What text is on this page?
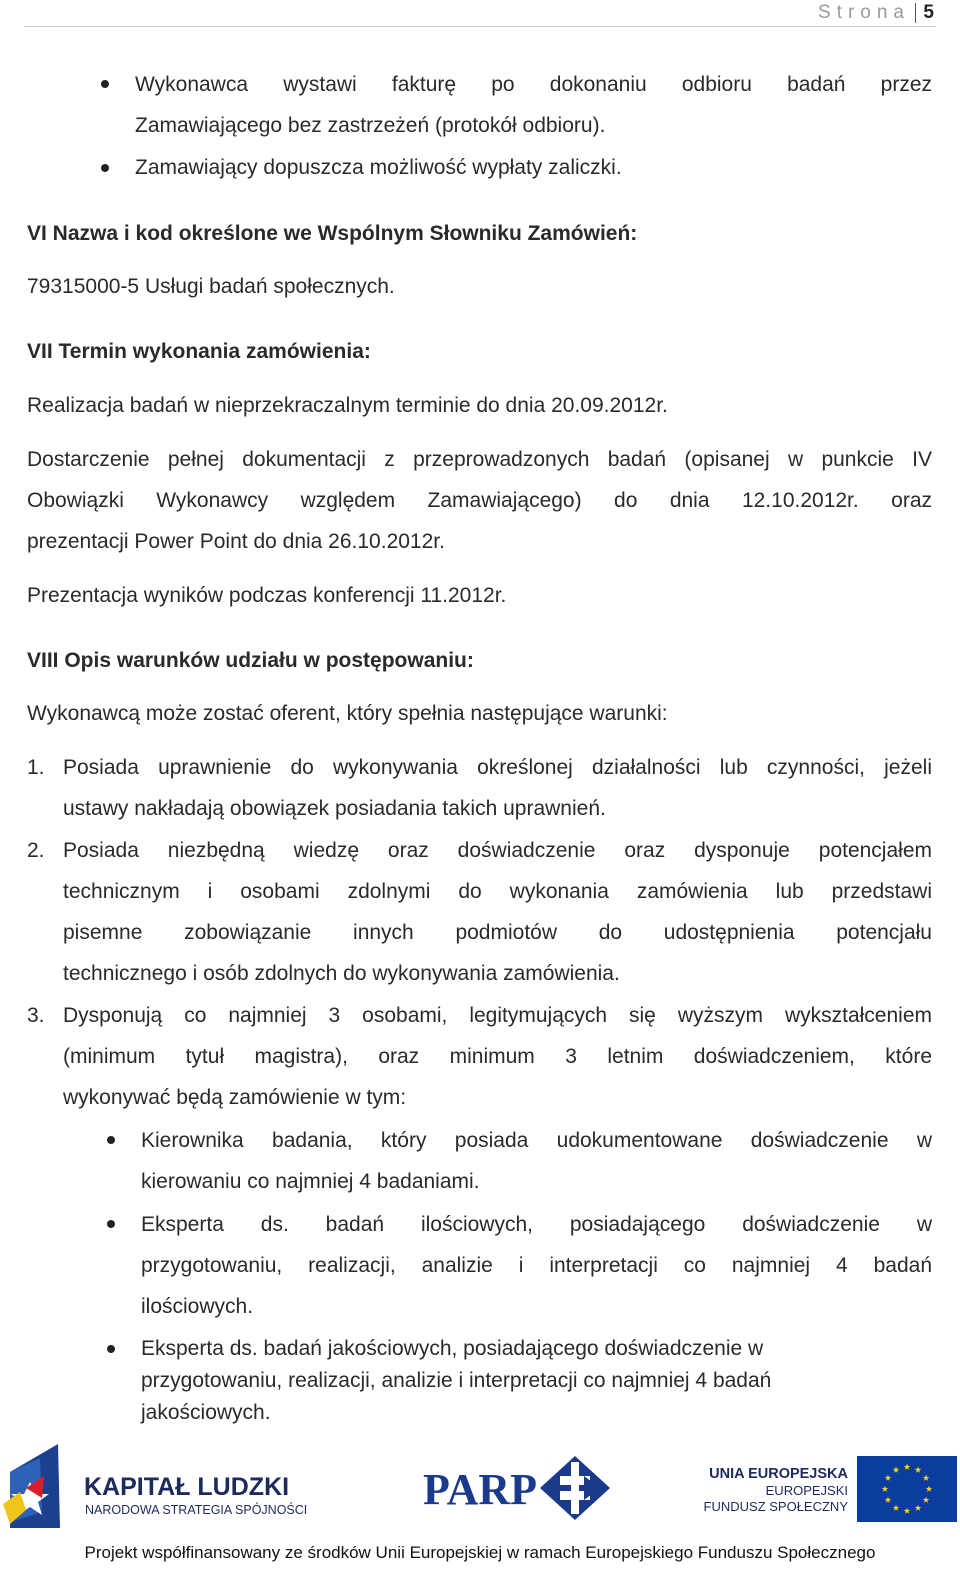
Strona 5
Wykonawca wystawi fakturę po dokonaniu odbioru badań przez
Zamawiającego bez zastrzeżeń (protokół odbioru).
Zamawiający dopuszcza możliwość wypłaty zaliczki.
VI Nazwa i kod określone we Wspólnym Słowniku Zamówień:
79315000-5 Usługi badań społecznych.
VII Termin wykonania zamówienia:
Realizacja badań w nieprzekraczalnym terminie do dnia 20.09.2012r.
Dostarczenie pełnej dokumentacji z przeprowadzonych badań (opisanej w punkcie IV
Obowiązki Wykonawcy względem Zamawiającego) do dnia 12.10.2012r. oraz
prezentacji Power Point do dnia 26.10.2012r.
Prezentacja wyników podczas konferencji 11.2012r.
VIII Opis warunków udziału w postępowaniu:
Wykonawcą może zostać oferent, który spełnia następujące warunki:
1. Posiada uprawnienie do wykonywania określonej działalności lub czynności, jeżeli
ustawy nakładają obowiązek posiadania takich uprawnień.
2. Posiada niezbędną wiedzę oraz doświadczenie oraz dysponuje potencjałem
technicznym i osobami zdolnymi do wykonania zamówienia lub przedstawi
pisemne zobowiązanie innych podmiotów do udostępnienia potencjału
technicznego i osób zdolnych do wykonywania zamówienia.
3. Dysponują co najmniej 3 osobami, legitymujących się wyższym wykształceniem
(minimum tytuł magistra), oraz minimum 3 letnim doświadczeniem, które
wykonywać będą zamówienie w tym:
Kierownika badania, który posiada udokumentowane doświadczenie w
kierowaniu co najmniej 4 badaniami.
Eksperta ds. badań ilościowych, posiadającego doświadczenie w
przygotowaniu, realizacji, analizie i interpretacji co najmniej 4 badań
ilościowych.
Eksperta ds. badań jakościowych, posiadającego doświadczenie w
przygotowaniu, realizacji, analizie i interpretacji co najmniej 4 badań
jakościowych.
KAPITAŁ LUDZKI
NARODOWA STRATEGIA SPÓJNOŚCI	PARP	UNIA EUROPEJSKA
EUROPEJSKI
FUNDUSZ SPOŁECZNY
Projekt współfinansowany ze środków Unii Europejskiej w ramach Europejskiego Funduszu Społecznego
